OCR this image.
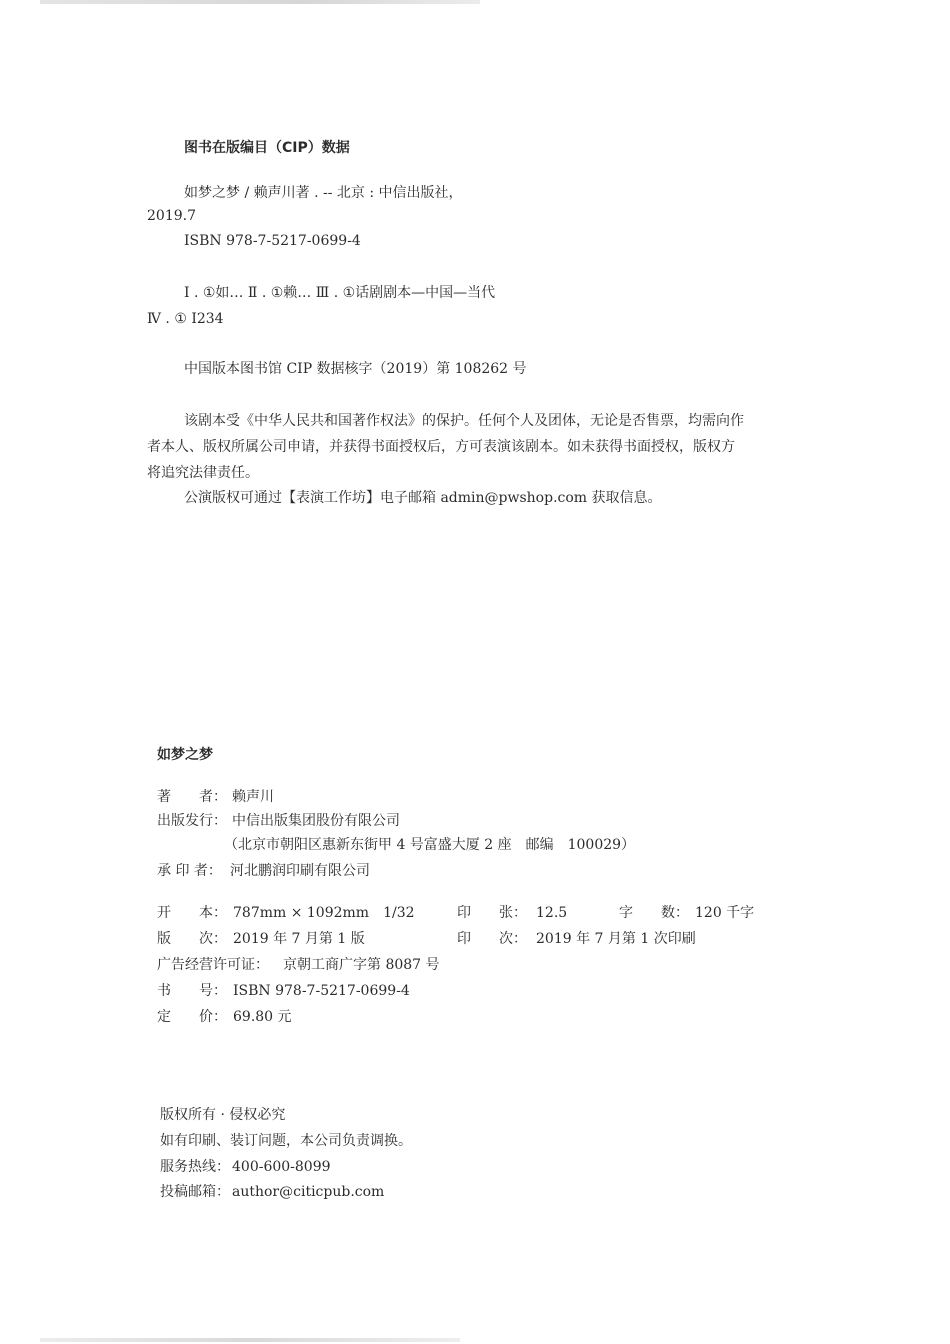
图书在版编目（CIP）数据
如梦之梦 / 赖声川著 . -- 北京 : 中信出版社，
2019.7
ISBN 978-7-5217-0699-4
Ⅰ . ①如… Ⅱ . ①赖… Ⅲ . ①话剧剧本—中国—当代
Ⅳ . ① I234
中国版本图书馆 CIP 数据核字（2019）第 108262 号
该剧本受《中华人民共和国著作权法》的保护。任何个人及团体，无论是否售票，均需向作
者本人、版权所属公司申请，并获得书面授权后，方可表演该剧本。如未获得书面授权，版权方
将追究法律责任。
公演版权可通过【表演工作坊】电子邮箱 admin@pwshop.com 获取信息。
如梦之梦
著　　者： 赖声川
出版发行： 中信出版集团股份有限公司
（北京市朝阳区惠新东街甲 4 号富盛大厦 2 座　邮编　100029）
承 印 者： 河北鹏润印刷有限公司
开　　本： 787mm × 1092mm　1/32	印　　张： 12.5	字　　数： 120 千字
版　　次： 2019 年 7 月第 1 版	印　　次： 2019 年 7 月第 1 次印刷
广告经营许可证： 京朝工商广字第 8087 号
书　　号： ISBN 978-7-5217-0699-4
定　　价： 69.80 元
版权所有 · 侵权必究
如有印刷、装订问题，本公司负责调换。
服务热线： 400-600-8099
投稿邮箱： author@citicpub.com
